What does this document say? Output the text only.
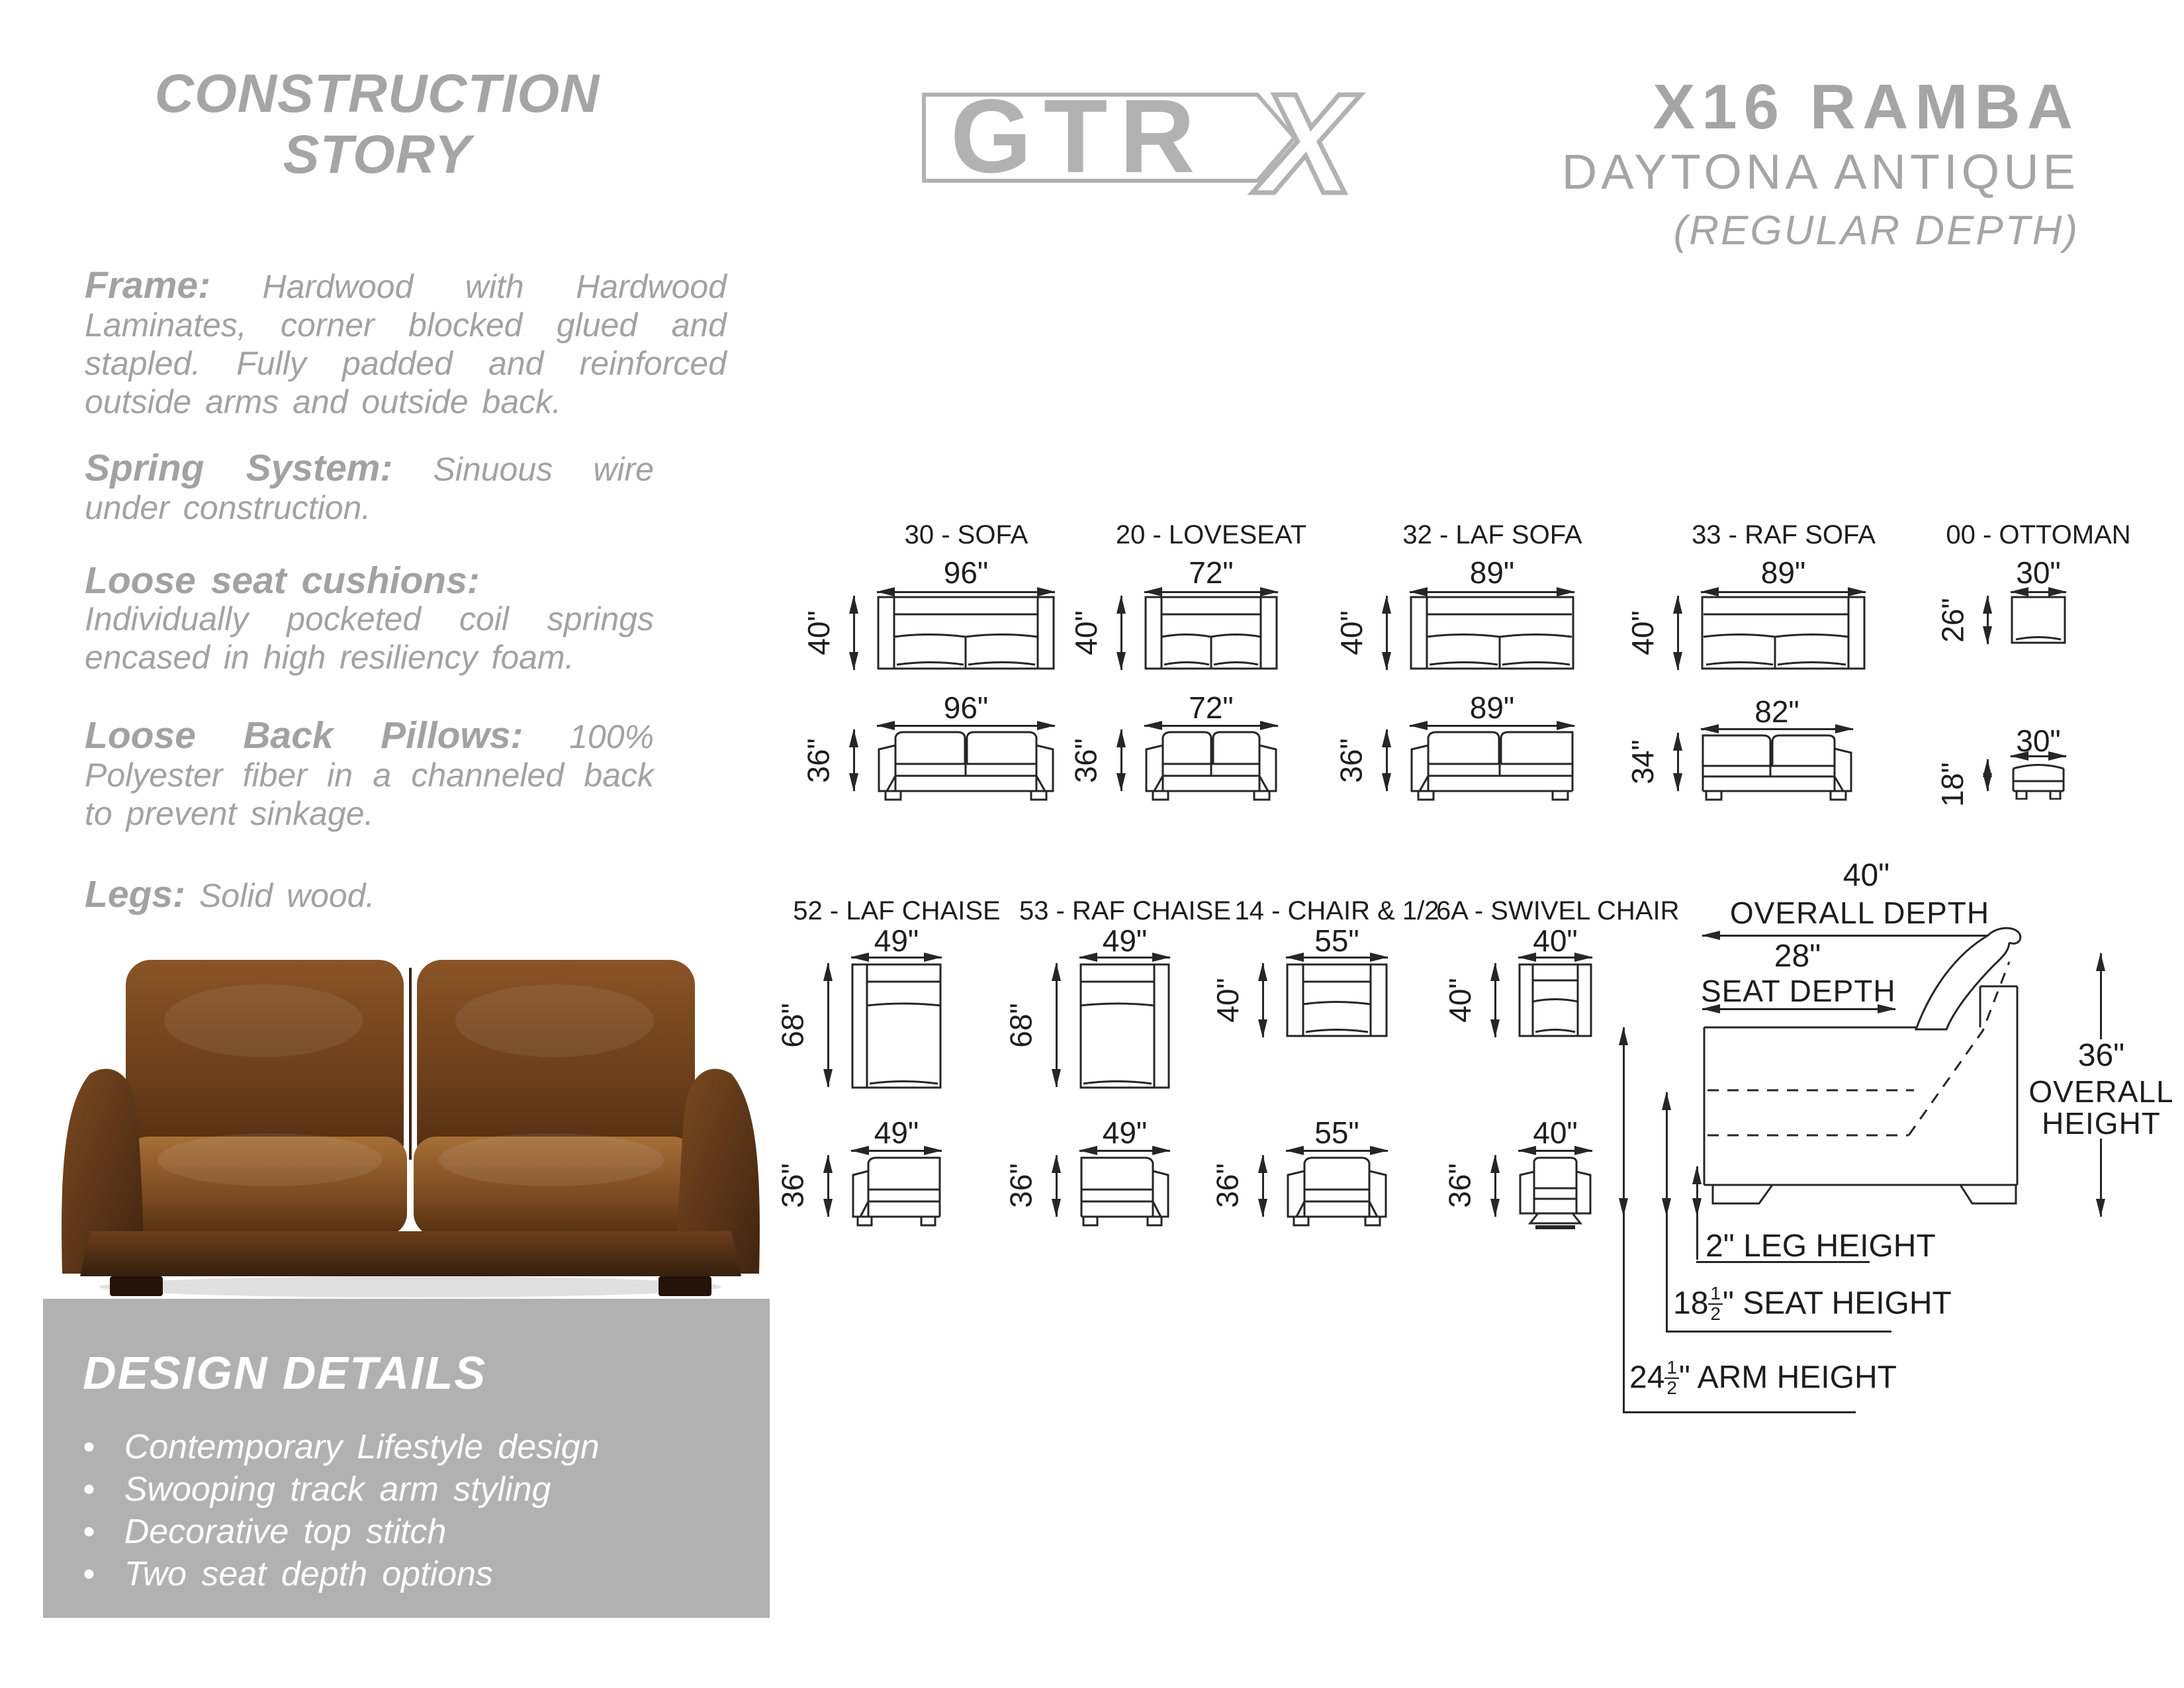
CONSTRUCTION
STORY

Frame: Hardwood with Hardwood Laminates, corner blocked glued and stapled. Fully padded and reinforced outside arms and outside back.

Spring System: Sinuous wire under construction.

Loose seat cushions:
Individually pocketed coil springs encased in high resiliency foam.

Loose Back Pillows: 100% Polyester fiber in a channeled back to prevent sinkage.

Legs: Solid wood.

DESIGN DETAILS
•  Contemporary Lifestyle design
•  Swooping track arm styling
•  Decorative top stitch
•  Two seat depth options
GTR X	X16 RAMBA
DAYTONA ANTIQUE
(REGULAR DEPTH)
30 - SOFA
96"
40"
20 - LOVESEAT
72"
40"
32 - LAF SOFA
89"
40"
33 - RAF SOFA
89"
40"
00 - OTTOMAN
30"
26"
96"
36"
72"
36"
89"
36"
82"
34"	30"
18"
52 - LAF CHAISE
49"
68"
53 - RAF CHAISE
49"
68"
14 - CHAIR & 1/2
55"
40"
6A - SWIVEL CHAIR
40"
40"
49"
36"
49"
36"
55"
36"
40"
36"
40"
OVERALL DEPTH
28"
SEAT DEPTH
36"
OVERALL
HEIGHT
2" LEG HEIGHT
$18 \frac{1}{2}$ " SEAT HEIGHT
$24 \frac{1}{2}$ " ARM HEIGHT
